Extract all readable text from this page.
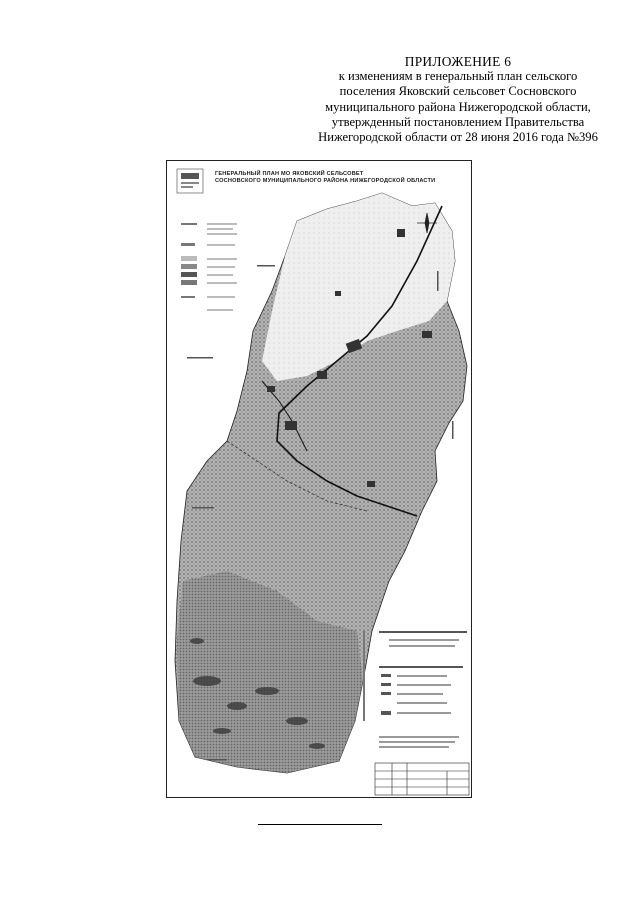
ПРИЛОЖЕНИЕ 6
к изменениям в генеральный план сельского
поселения Яковский сельсовет Сосновского
муниципального района Нижегородской области,
утвержденный постановлением Правительства
Нижегородской области от 28 июня 2016 года №396
ГЕНЕРАЛЬНЫЙ ПЛАН МО ЯКОВСКИЙ СЕЛЬСОВЕТ
СОСНОВСКОГО МУНИЦИПАЛЬНОГО РАЙОНА НИЖЕГОРОДСКОЙ ОБЛАСТИ
